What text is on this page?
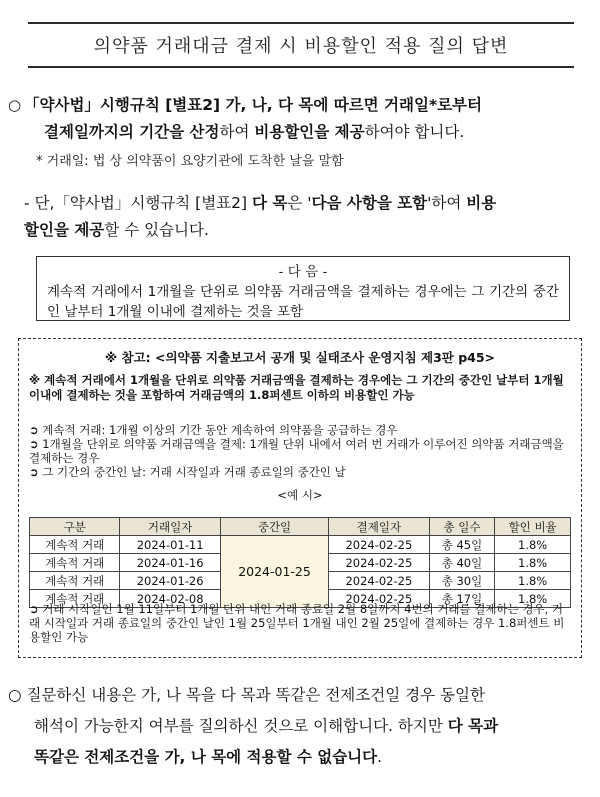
의약품 거래대금 결제 시 비용할인 적용 질의 답변
○ 「약사법」시행규칙 [별표2] 가, 나, 다 목에 따르면 거래일*로부터
결제일까지의 기간을 산정하여 비용할인을 제공하여야 합니다.
* 거래일: 법 상 의약품이 요양기관에 도착한 날을 말함
- 단,「약사법」시행규칙 [별표2] 다 목은 '다음 사항을 포함'하여 비용
할인을 제공할 수 있습니다.
- 다 음 -
계속적 거래에서 1개월을 단위로 의약품 거래금액을 결제하는 경우에는 그 기간의 중간인 날부터 1개월 이내에 결제하는 것을 포함
※ 참고: <의약품 지출보고서 공개 및 실태조사 운영지침 제3판 p45>
※ 계속적 거래에서 1개월을 단위로 의약품 거래금액을 결제하는 경우에는 그 기간의 중간인 날부터 1개월 이내에 결제하는 것을 포함하여 거래금액의 1.8퍼센트 이하의 비용할인 가능
➲ 계속적 거래: 1개월 이상의 기간 동안 계속하여 의약품을 공급하는 경우
➲ 1개월을 단위로 의약품 거래금액을 결제: 1개월 단위 내에서 여러 번 거래가 이루어진 의약품 거래금액을 결제하는 경우
➲ 그 기간의 중간인 날: 거래 시작일과 거래 종료일의 중간인 날
<예 시>
구분	거래일자	중간일	결제일자	총 일수	할인 비율
계속적 거래	2024-01-11	2024-01-25	2024-02-25	총 45일	1.8%
계속적 거래	2024-01-16		2024-02-25	총 40일	1.8%
계속적 거래	2024-01-26		2024-02-25	총 30일	1.8%
계속적 거래	2024-02-08		2024-02-25	총 17일	1.8%
➲ 거래 시작일인 1월 11일부터 1개월 단위 내인 거래 종료일 2월 8일까지 4번의 거래를 결제하는 경우, 거래 시작일과 거래 종료일의 중간인 날인 1월 25일부터 1개월 내인 2월 25일에 결제하는 경우 1.8퍼센트 비용할인 가능
○ 질문하신 내용은 가, 나 목을 다 목과 똑같은 전제조건일 경우 동일한
해석이 가능한지 여부를 질의하신 것으로 이해합니다. 하지만 다 목과
똑같은 전제조건을 가, 나 목에 적용할 수 없습니다.
